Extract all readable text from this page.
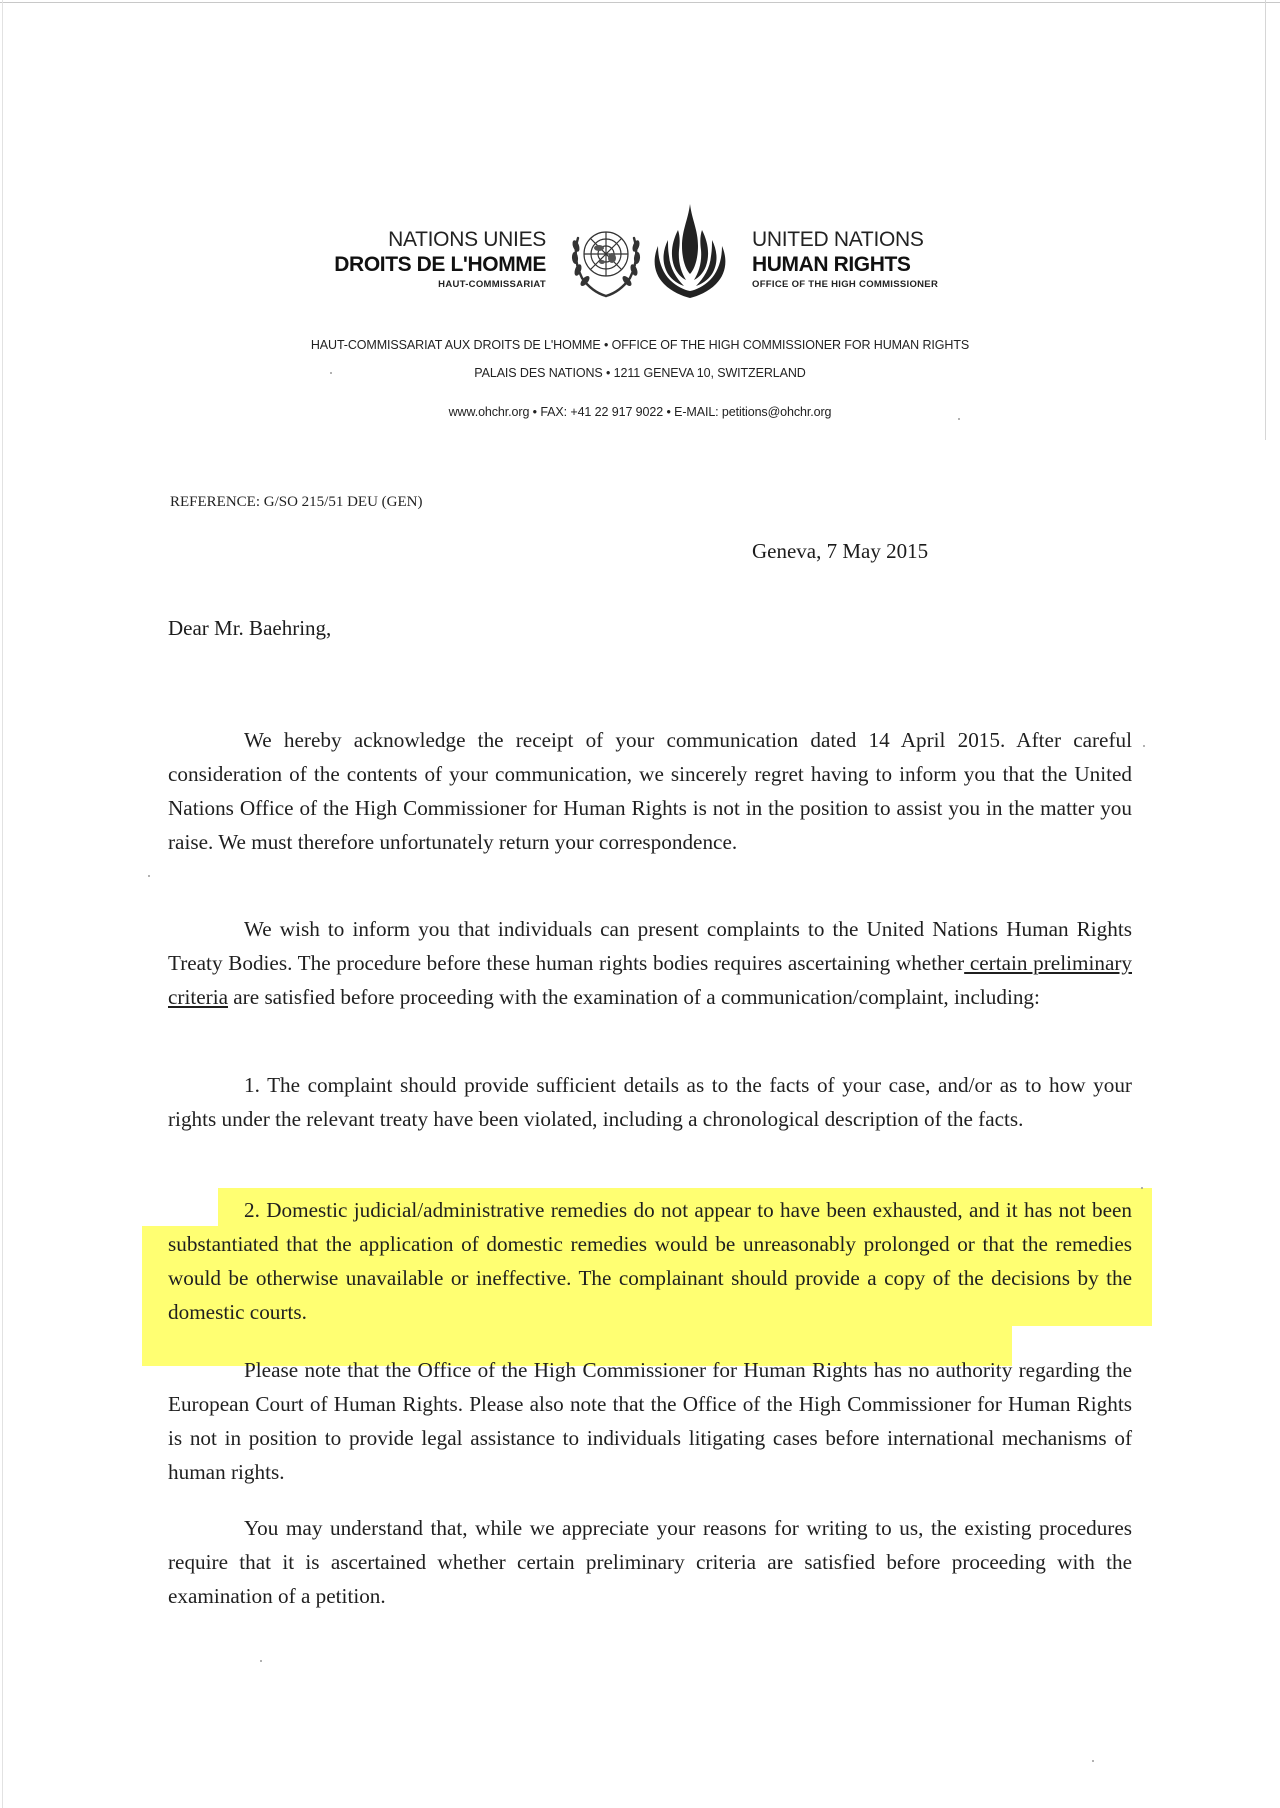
NATIONS UNIES
DROITS DE L'HOMME
HAUT-COMMISSARIAT
UNITED NATIONS
HUMAN RIGHTS
OFFICE OF THE HIGH COMMISSIONER
HAUT-COMMISSARIAT AUX DROITS DE L'HOMME • OFFICE OF THE HIGH COMMISSIONER FOR HUMAN RIGHTS
PALAIS DES NATIONS • 1211 GENEVA 10, SWITZERLAND
www.ohchr.org • FAX: +41 22 917 9022 • E-MAIL: petitions@ohchr.org
REFERENCE: G/SO 215/51 DEU (GEN)
Geneva, 7 May 2015
Dear Mr. Baehring,

We hereby acknowledge the receipt of your communication dated 14 April 2015. After careful consideration of the contents of your communication, we sincerely regret having to inform you that the United Nations Office of the High Commissioner for Human Rights is not in the position to assist you in the matter you raise. We must therefore unfortunately return your correspondence.

We wish to inform you that individuals can present complaints to the United Nations Human Rights Treaty Bodies. The procedure before these human rights bodies requires ascertaining whether certain preliminary criteria are satisfied before proceeding with the examination of a communication/complaint, including:

1. The complaint should provide sufficient details as to the facts of your case, and/or as to how your rights under the relevant treaty have been violated, including a chronological description of the facts.

2. Domestic judicial/administrative remedies do not appear to have been exhausted, and it has not been substantiated that the application of domestic remedies would be unreasonably prolonged or that the remedies would be otherwise unavailable or ineffective. The complainant should provide a copy of the decisions by the domestic courts.

Please note that the Office of the High Commissioner for Human Rights has no authority regarding the European Court of Human Rights. Please also note that the Office of the High Commissioner for Human Rights is not in position to provide legal assistance to individuals litigating cases before international mechanisms of human rights.

You may understand that, while we appreciate your reasons for writing to us, the existing procedures require that it is ascertained whether certain preliminary criteria are satisfied before proceeding with the examination of a petition.
